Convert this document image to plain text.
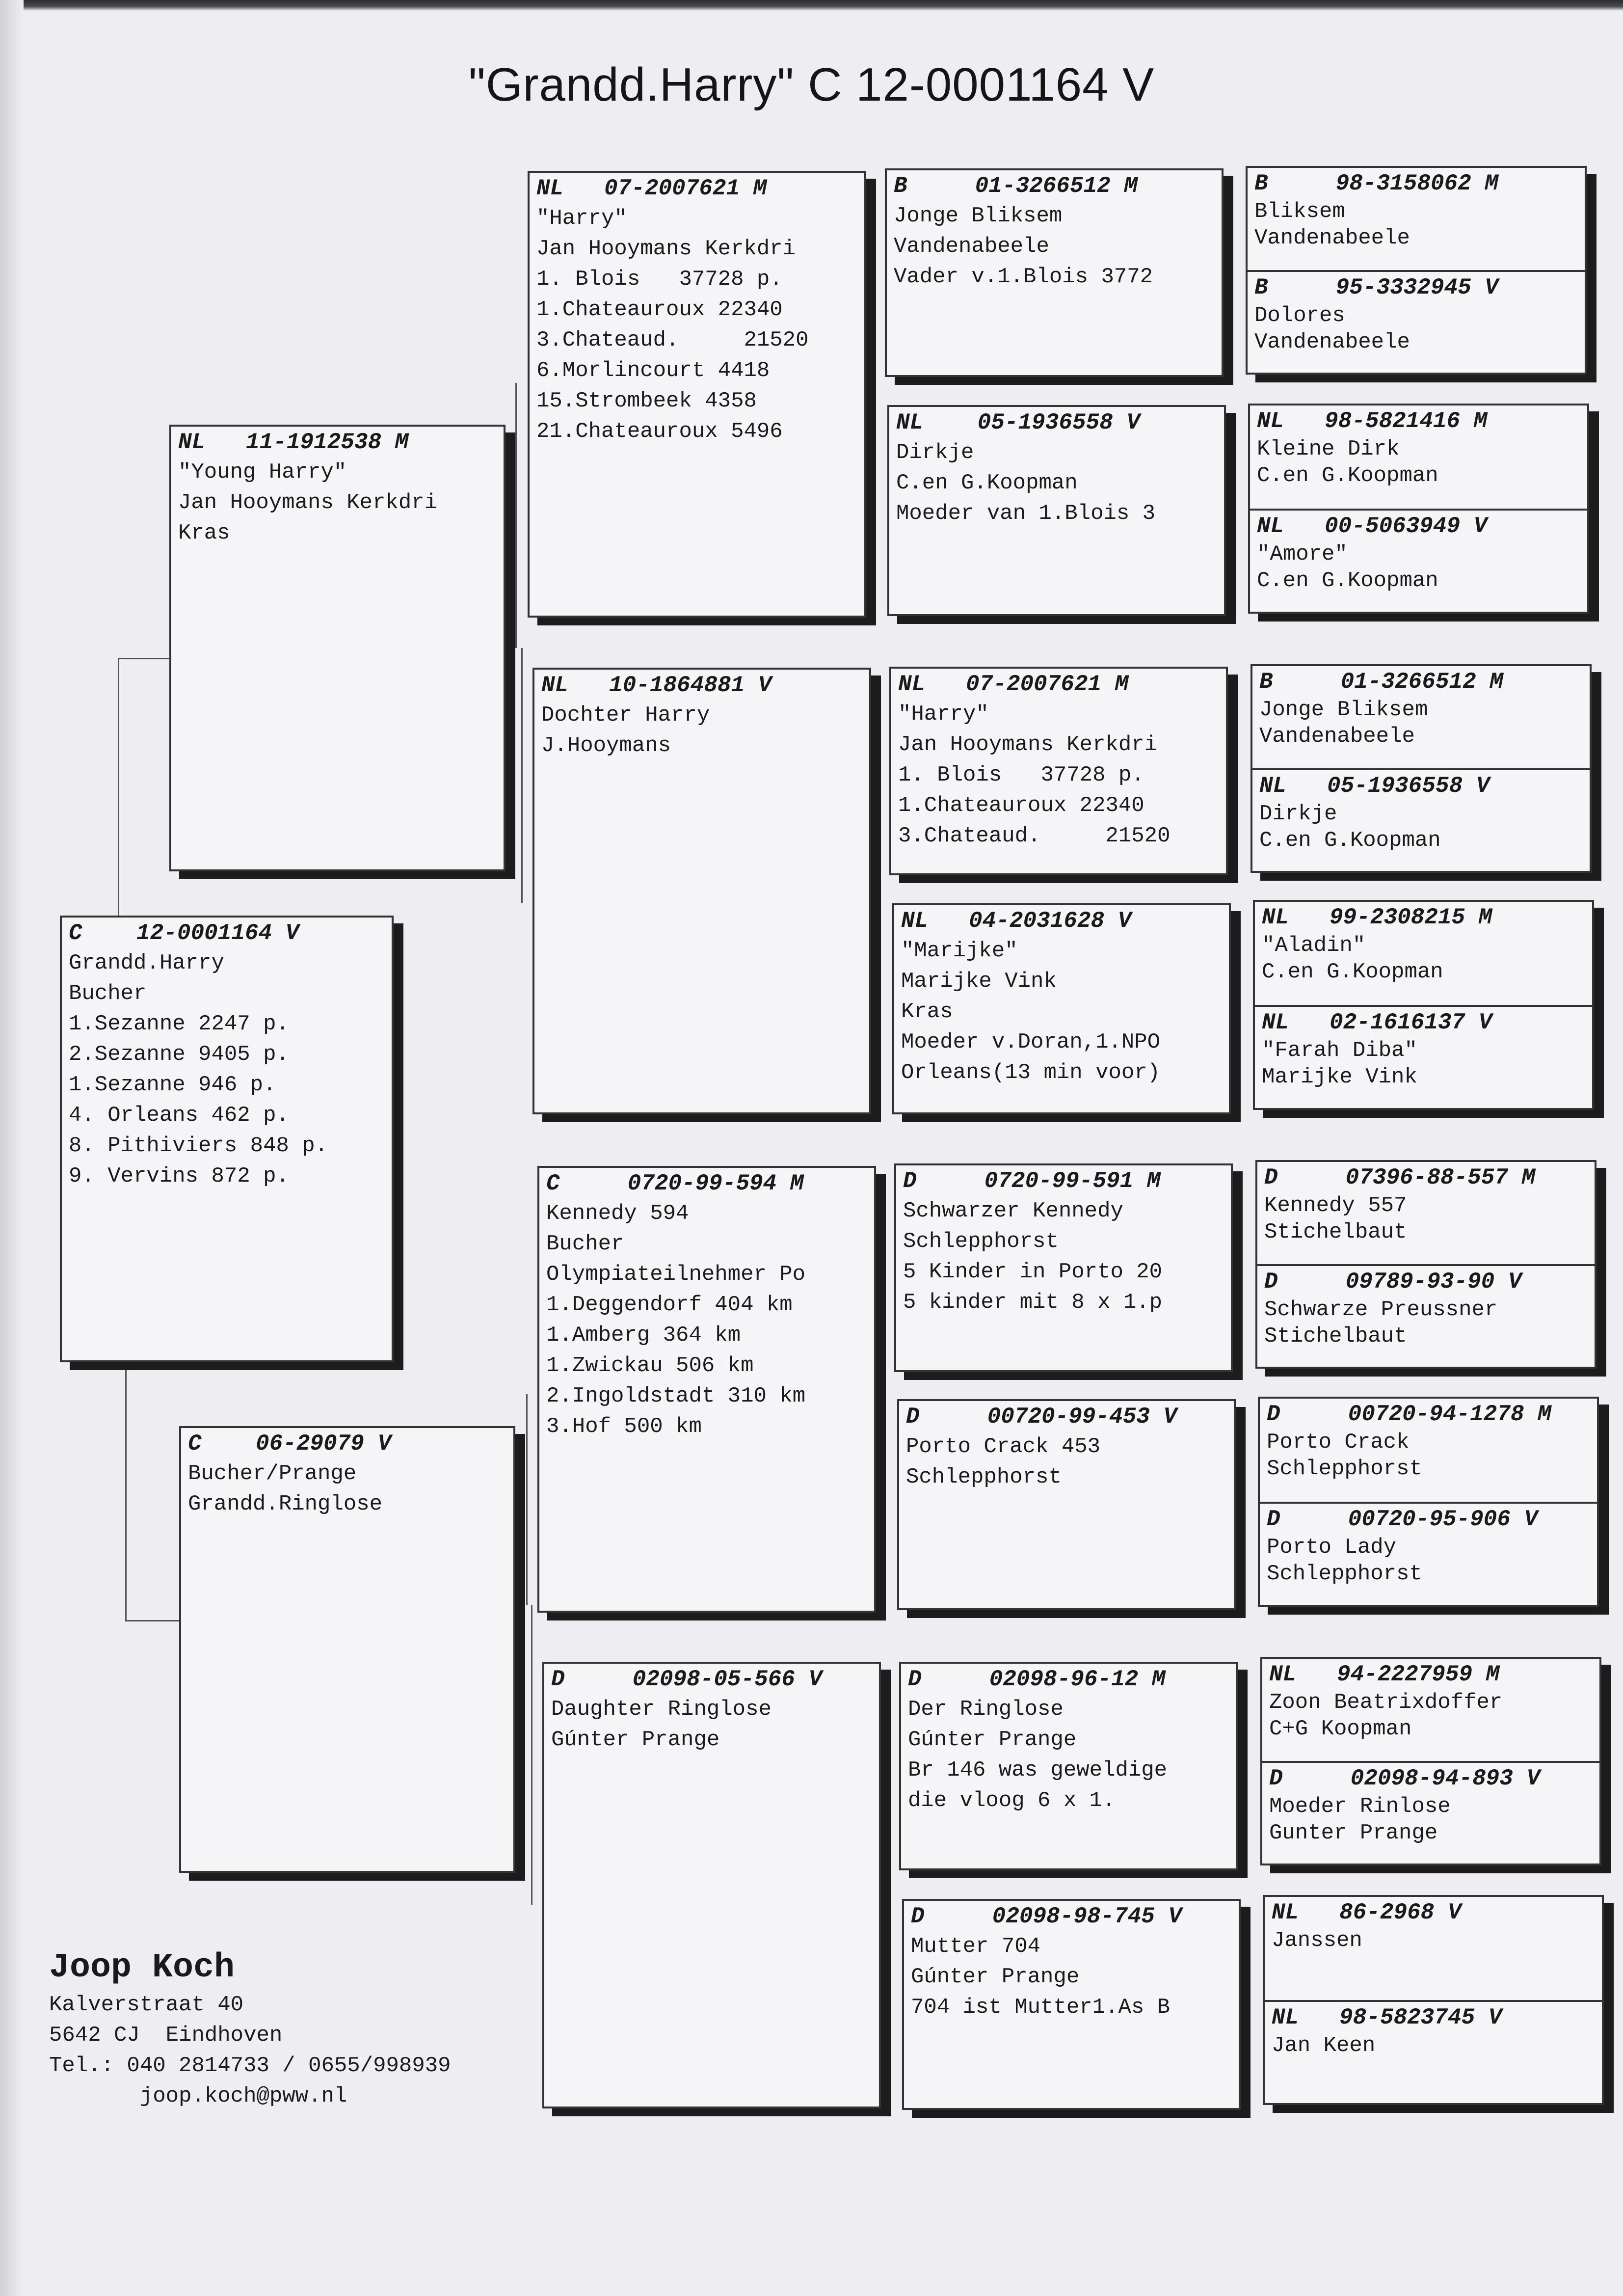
"Grandd.Harry" C 12-0001164 V
C    12-0001164 V
Grandd.Harry
Bucher
1.Sezanne 2247 p.
2.Sezanne 9405 p.
1.Sezanne 946 p.
4. Orleans 462 p.
8. Pithiviers 848 p.
9. Vervins 872 p.
NL   11-1912538 M
"Young Harry"
Jan Hooymans Kerkdri
Kras
C    06-29079 V
Bucher/Prange
Grandd.Ringlose
NL   07-2007621 M
"Harry"
Jan Hooymans Kerkdri
1. Blois   37728 p.
1.Chateauroux 22340
3.Chateaud.     21520
6.Morlincourt 4418
15.Strombeek 4358
21.Chateauroux 5496
NL   10-1864881 V
Dochter Harry
J.Hooymans
C     0720-99-594 M
Kennedy 594
Bucher
Olympiateilnehmer Po
1.Deggendorf 404 km
1.Amberg 364 km
1.Zwickau 506 km
2.Ingoldstadt 310 km
3.Hof 500 km
D     02098-05-566 V
Daughter Ringlose
Gúnter Prange
B     01-3266512 M
Jonge Bliksem
Vandenabeele
Vader v.1.Blois 3772
NL    05-1936558 V
Dirkje
C.en G.Koopman
Moeder van 1.Blois 3
NL   07-2007621 M
"Harry"
Jan Hooymans Kerkdri
1. Blois   37728 p.
1.Chateauroux 22340
3.Chateaud.     21520
NL   04-2031628 V
"Marijke"
Marijke Vink
Kras
Moeder v.Doran,1.NPO
Orleans(13 min voor)
D     0720-99-591 M
Schwarzer Kennedy
Schlepphorst
5 Kinder in Porto 20
5 kinder mit 8 x 1.p
D     00720-99-453 V
Porto Crack 453
Schlepphorst
D     02098-96-12 M
Der Ringlose
Gúnter Prange
Br 146 was geweldige
die vloog 6 x 1.
D     02098-98-745 V
Mutter 704
Gúnter Prange
704 ist Mutter1.As B
B     98-3158062 M
Bliksem
Vandenabeele
B     95-3332945 V
Dolores
Vandenabeele
NL   98-5821416 M
Kleine Dirk
C.en G.Koopman
NL   00-5063949 V
"Amore"
C.en G.Koopman
B     01-3266512 M
Jonge Bliksem
Vandenabeele
NL   05-1936558 V
Dirkje
C.en G.Koopman
NL   99-2308215 M
"Aladin"
C.en G.Koopman
NL   02-1616137 V
"Farah Diba"
Marijke Vink
D     07396-88-557 M
Kennedy 557
Stichelbaut
D     09789-93-90 V
Schwarze Preussner
Stichelbaut
D     00720-94-1278 M
Porto Crack
Schlepphorst
D     00720-95-906 V
Porto Lady
Schlepphorst
NL   94-2227959 M
Zoon Beatrixdoffer
C+G Koopman
D     02098-94-893 V
Moeder Rinlose
Gunter Prange
NL   86-2968 V
Janssen
NL   98-5823745 V
Jan Keen
Joop Koch
Kalverstraat 40
5642 CJ  Eindhoven
Tel.: 040 2814733 / 0655/998939
joop.koch@pww.nl
